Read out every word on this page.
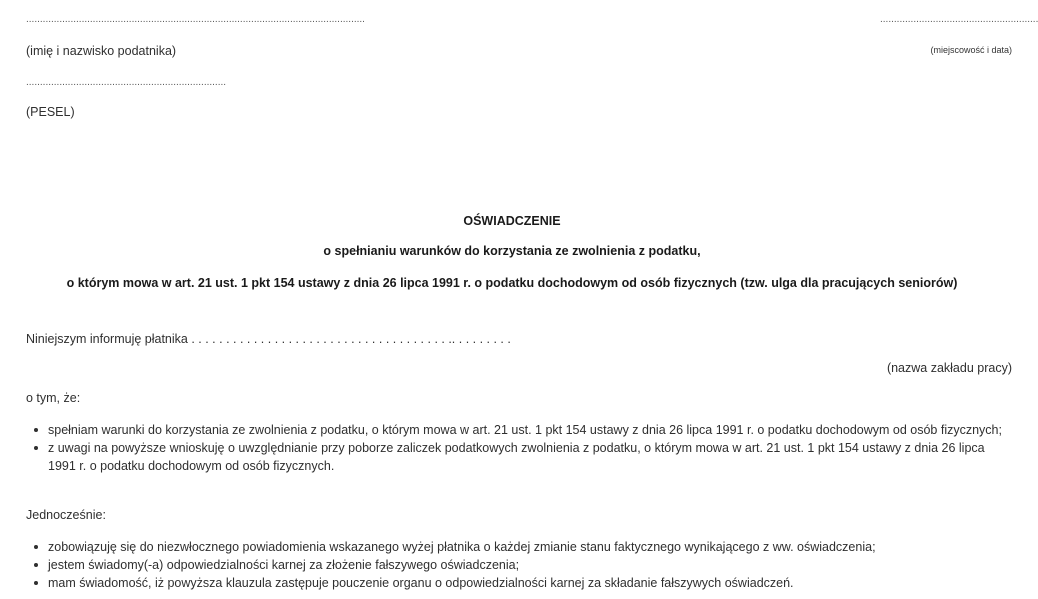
..........................................................................................................................
(imię i nazwisko podatnika)
.........................................................
(miejscowość i data)
........................................................................
(PESEL)
OŚWIADCZENIE
o spełnianiu warunków do korzystania ze zwolnienia z podatku,
o którym mowa w art. 21 ust. 1 pkt 154 ustawy z dnia 26 lipca 1991 r. o podatku dochodowym od osób fizycznych (tzw. ulga dla pracujących seniorów)
Niniejszym informuję płatnika . . . . . . . . . . . . . . . . . . . . . . . . . . . . . . . . . . . . . .. . . . . . . . .
(nazwa zakładu pracy)
o tym, że:
spełniam warunki do korzystania ze zwolnienia z podatku, o którym mowa w art. 21 ust. 1 pkt 154 ustawy z dnia 26 lipca 1991 r. o podatku dochodowym od osób fizycznych;
z uwagi na powyższe wnioskuję o uwzględnianie przy poborze zaliczek podatkowych zwolnienia z podatku, o którym mowa w art. 21 ust. 1 pkt 154 ustawy z dnia 26 lipca 1991 r. o podatku dochodowym od osób fizycznych.
Jednocześnie:
zobowiązuję się do niezwłocznego powiadomienia wskazanego wyżej płatnika o każdej zmianie stanu faktycznego wynikającego z ww. oświadczenia;
jestem świadomy(-a) odpowiedzialności karnej za złożenie fałszywego oświadczenia;
mam świadomość, iż powyższa klauzula zastępuje pouczenie organu o odpowiedzialności karnej za składanie fałszywych oświadczeń.
